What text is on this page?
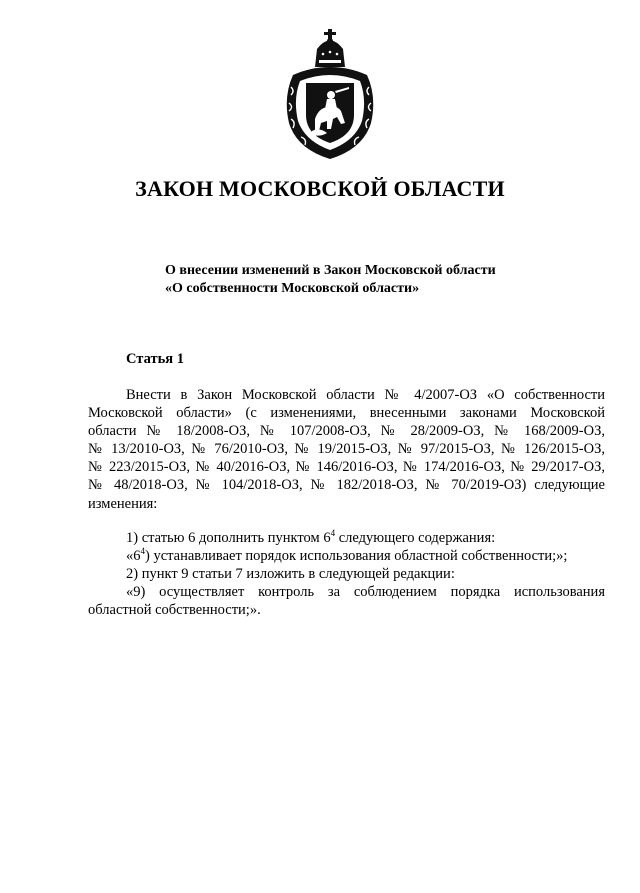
ЗАКОН МОСКОВСКОЙ ОБЛАСТИ
О внесении изменений в Закон Московской области
«О собственности Московской области»
Статья 1
Внести в Закон Московской области № 4/2007-ОЗ «О собственности
Московской области» (с изменениями, внесенными законами Московской
области № 18/2008-ОЗ, № 107/2008-ОЗ, № 28/2009-ОЗ, № 168/2009-ОЗ,
№ 13/2010-ОЗ, № 76/2010-ОЗ, № 19/2015-ОЗ, № 97/2015-ОЗ, № 126/2015-ОЗ,
№ 223/2015-ОЗ, № 40/2016-ОЗ, № 146/2016-ОЗ, № 174/2016-ОЗ, № 29/2017-ОЗ,
№ 48/2018-ОЗ, № 104/2018-ОЗ, № 182/2018-ОЗ, № 70/2019-ОЗ) следующие
изменения:
1) статью 6 дополнить пунктом $6^4$ следующего содержания:
«$6^4$) устанавливает порядок использования областной собственности;»;
2) пункт 9 статьи 7 изложить в следующей редакции:
«9) осуществляет контроль за соблюдением порядка использования
областной собственности;».
